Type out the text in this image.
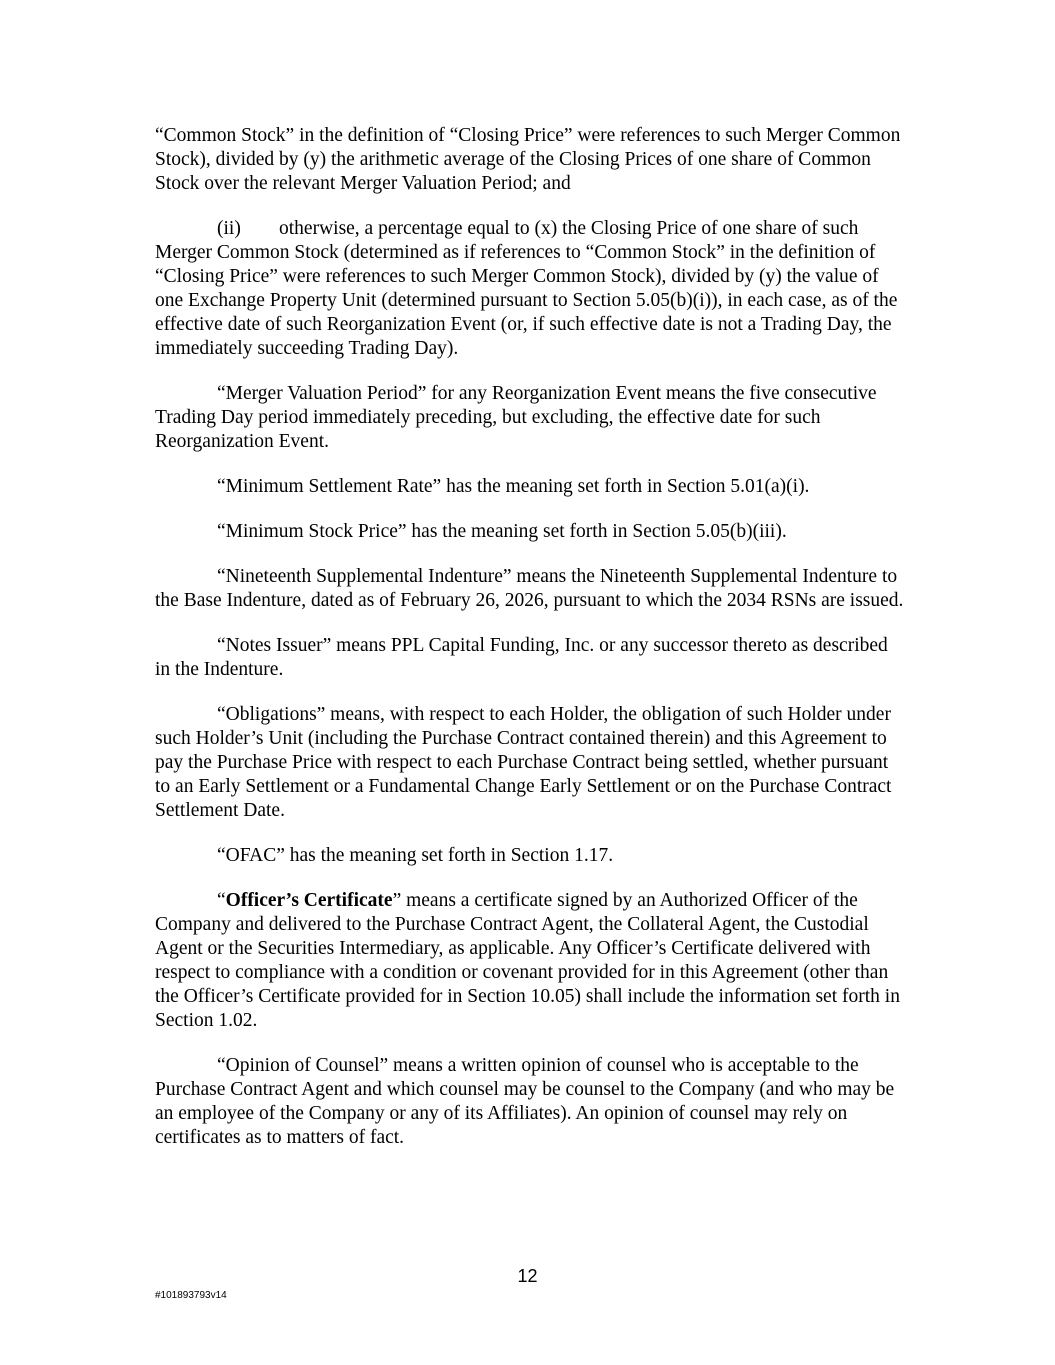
“Common Stock” in the definition of “Closing Price” were references to such Merger Common Stock), divided by (y) the arithmetic average of the Closing Prices of one share of Common Stock over the relevant Merger Valuation Period; and

(ii) otherwise, a percentage equal to (x) the Closing Price of one share of such Merger Common Stock (determined as if references to “Common Stock” in the definition of “Closing Price” were references to such Merger Common Stock), divided by (y) the value of one Exchange Property Unit (determined pursuant to Section 5.05(b)(i)), in each case, as of the effective date of such Reorganization Event (or, if such effective date is not a Trading Day, the immediately succeeding Trading Day).

“Merger Valuation Period” for any Reorganization Event means the five consecutive Trading Day period immediately preceding, but excluding, the effective date for such Reorganization Event.

“Minimum Settlement Rate” has the meaning set forth in Section 5.01(a)(i).

“Minimum Stock Price” has the meaning set forth in Section 5.05(b)(iii).

“Nineteenth Supplemental Indenture” means the Nineteenth Supplemental Indenture to the Base Indenture, dated as of February 26, 2026, pursuant to which the 2034 RSNs are issued.

“Notes Issuer” means PPL Capital Funding, Inc. or any successor thereto as described in the Indenture.

“Obligations” means, with respect to each Holder, the obligation of such Holder under such Holder’s Unit (including the Purchase Contract contained therein) and this Agreement to pay the Purchase Price with respect to each Purchase Contract being settled, whether pursuant to an Early Settlement or a Fundamental Change Early Settlement or on the Purchase Contract Settlement Date.

“OFAC” has the meaning set forth in Section 1.17.

“Officer’s Certificate” means a certificate signed by an Authorized Officer of the Company and delivered to the Purchase Contract Agent, the Collateral Agent, the Custodial Agent or the Securities Intermediary, as applicable. Any Officer’s Certificate delivered with respect to compliance with a condition or covenant provided for in this Agreement (other than the Officer’s Certificate provided for in Section 10.05) shall include the information set forth in Section 1.02.

“Opinion of Counsel” means a written opinion of counsel who is acceptable to the Purchase Contract Agent and which counsel may be counsel to the Company (and who may be an employee of the Company or any of its Affiliates). An opinion of counsel may rely on certificates as to matters of fact.

12
#101893793v14
